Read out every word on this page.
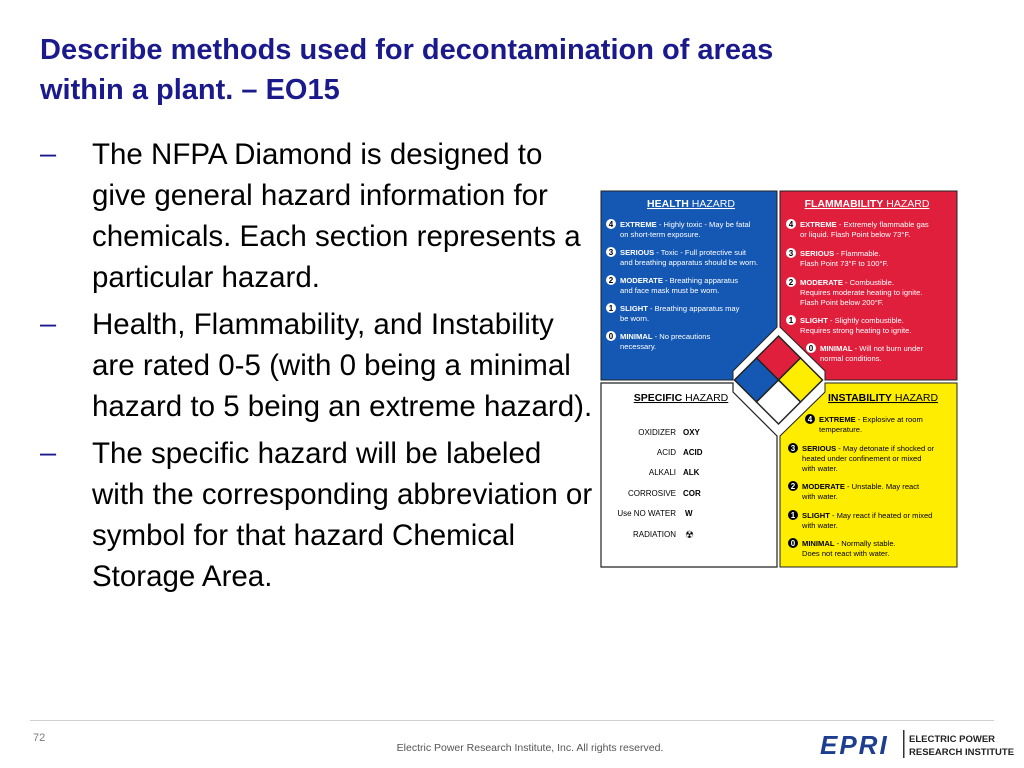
Describe methods used for decontamination of areas
within a plant. – EO15
– The NFPA Diamond is designed to give general hazard information for chemicals. Each section represents a particular hazard.
– Health, Flammability, and Instability are rated 0-5 (with 0 being a minimal hazard to 5 being an extreme hazard).
– The specific hazard will be labeled with the corresponding abbreviation or symbol for that hazard Chemical Storage Area.
HEALTH HAZARD
4 EXTREME - Highly toxic - May be fatal
on short-term exposure.
3 SERIOUS - Toxic - Full protective suit
and breathing apparatus should be worn.
2 MODERATE - Breathing apparatus
and face mask must be worn.
1 SLIGHT - Breathing apparatus may
be worn.
0 MINIMAL - No precautions
necessary.
FLAMMABILITY HAZARD
4 EXTREME - Extremely flammable gas
or liquid. Flash Point below 73°F.
3 SERIOUS - Flammable.
Flash Point 73°F to 100°F.
2 MODERATE - Combustible.
Requires moderate heating to ignite.
Flash Point below 200°F.
1 SLIGHT - Slightly combustible.
Requires strong heating to ignite.
0 MINIMAL - Will not burn under
normal conditions.
SPECIFIC HAZARD
OXIDIZER OXY
ACID ACID
ALKALI ALK
CORROSIVE COR
Use NO WATER W
RADIATION ☢
INSTABILITY HAZARD
4 EXTREME - Explosive at room
temperature.
3 SERIOUS - May detonate if shocked or
heated under confinement or mixed
with water.
2 MODERATE - Unstable. May react
with water.
1 SLIGHT - May react if heated or mixed
with water.
0 MINIMAL - Normally stable.
Does not react with water.
72
Electric Power Research Institute, Inc. All rights reserved.	EPRI ELECTRIC POWER
RESEARCH INSTITUTE
